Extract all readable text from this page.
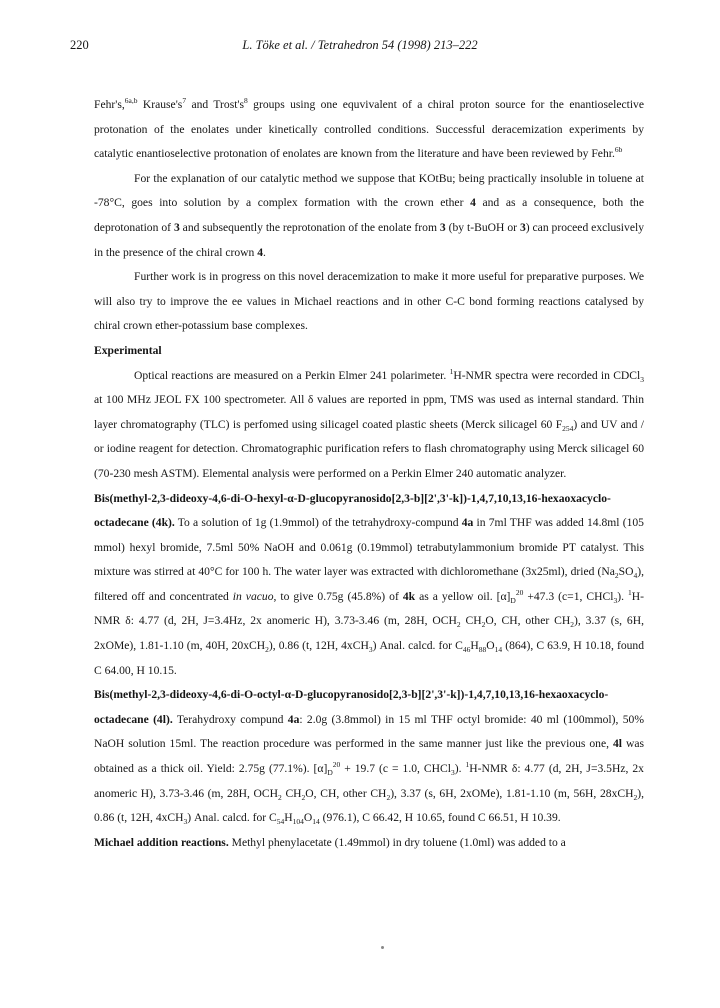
220	L. Töke et al. / Tetrahedron 54 (1998) 213–222

Fehr's,$^{6a,b}$ $Krause's^7$ and $Trost's^8$ groups using one equvivalent of a chiral proton source for the enantioselective protonation of the enolates under kinetically controlled conditions. Successful deracemization experiments by catalytic enantioselective protonation of enolates are known from the literature and have been reviewed by Fehr.$^{6b}$

For the explanation of our catalytic method we suppose that KOtBu; being practically insoluble in toluene at -78°C, goes into solution by a complex formation with the crown ether 4 and as a consequence, both the deprotonation of 3 and subsequently the reprotonation of the enolate from 3 (by t-BuOH or 3) can proceed exclusively in the presence of the chiral crown 4.

Further work is in progress on this novel deracemization to make it more useful for preparative purposes. We will also try to improve the ee values in Michael reactions and in other C-C bond forming reactions catalysed by chiral crown ether-potassium base complexes.

Experimental

Optical reactions are measured on a Perkin Elmer 241 polarimeter. $^1$H-NMR spectra were recorded in CDCl$_3$ at 100 MHz JEOL FX 100 spectrometer. All δ values are reported in ppm, TMS was used as internal standard. Thin layer chromatography (TLC) is perfomed using silicagel coated plastic sheets (Merck silicagel 60 $F_{254}$) and UV and / or iodine reagent for detection. Chromatographic purification refers to flash chromatography using Merck silicagel 60 (70-230 mesh ASTM). Elemental analysis were performed on a Perkin Elmer 240 automatic analyzer.

Bis(methyl-2,3-dideoxy-4,6-di-O-hexyl-α-D-glucopyranosido[2,3-b][2',3'-k])-1,4,7,10,13,16-hexaoxacyclo-octadecane (4k). To a solution of 1g (1.9mmol) of the tetrahydroxy-compund 4a in 7ml THF was added 14.8ml (105 mmol) hexyl bromide, 7.5ml 50% NaOH and 0.061g (0.19mmol) tetrabutylammonium bromide PT catalyst. This mixture was stirred at 40°C for 100 h. The water layer was extracted with dichloromethane (3x25ml), dried $(Na_2SO_4)$, filtered off and concentrated in vacuo, to give 0.75g (45.8%) of 4k as a yellow oil. $[\alpha]_D^{20} +47.3$ (c=1, CHCl$_3$). $^1$H-NMR δ: 4.77 (d, 2H, J=3.4Hz, 2x anomeric H), 3.73-3.46 (m, 28H, $OCH_2$ $CH_2O$, CH, other $CH_2$), 3.37 (s, 6H, 2xOMe), 1.81-1.10 (m, 40H, 20xCH$_2$), 0.86 (t, 12H, 4xCH$_3$) Anal. calcd. for $C_{46}H_{88}O_{14}$ (864), C 63.9, H 10.18, found C 64.00, H 10.15.

Bis(methyl-2,3-dideoxy-4,6-di-O-octyl-α-D-glucopyranosido[2,3-b][2',3'-k])-1,4,7,10,13,16-hexaoxacyclo-octadecane (4l). Terahydroxy compund 4a: 2.0g (3.8mmol) in 15 ml THF octyl bromide: 40 ml (100mmol), 50% NaOH solution 15ml. The reaction procedure was performed in the same manner just like the previous one, 4l was obtained as a thick oil. Yield: 2.75g (77.1%). $[\alpha]_D^{20} + 19.7$ (c = 1.0, CHCl$_3$). $^1$H-NMR δ: 4.77 (d, 2H, J=3.5Hz, 2x anomeric H), 3.73-3.46 (m, 28H, $OCH_2$ $CH_2O$, CH, other $CH_2$), 3.37 (s, 6H, 2xOMe), 1.81-1.10 (m, 56H, 28xCH$_2$), 0.86 (t, 12H, 4xCH$_3$) Anal. calcd. for $C_{54}H_{104}O_{14}$ (976.1), C 66.42, H 10.65, found C 66.51, H 10.39.

Michael addition reactions. Methyl phenylacetate (1.49mmol) in dry toluene (1.0ml) was added to a
